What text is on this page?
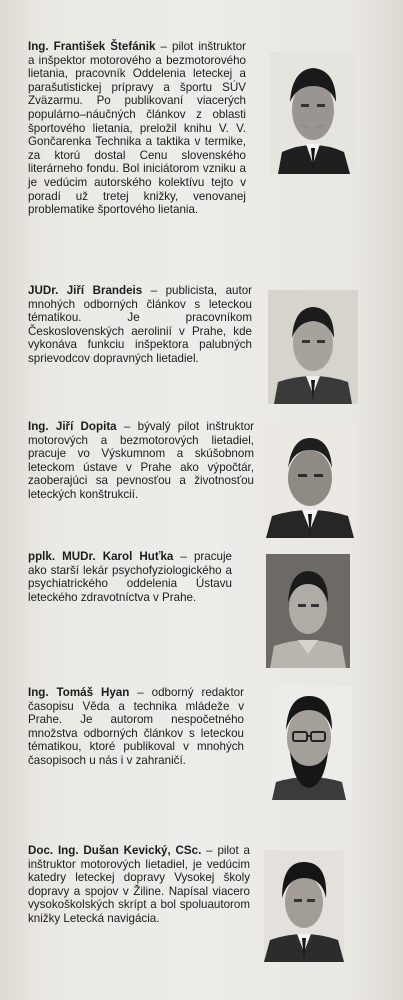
Ing. František Štefánik – pilot inštruktor a inšpektor motorového a bezmotorového lietania, pracovník Oddelenia leteckej a parašutistickej prípravy a športu SÚV Zväzarmu. Po publikovaní viacerých populárno–náučných článkov z oblasti športového lietania, preložil knihu V. V. Gončarenka Technika a taktika v termike, za ktorú dostal Cenu slovenského literárneho fondu. Bol iniciátorom vzniku a je vedúcim autorského kolektívu tejto v poradí už tretej knižky, venovanej problematike športového lietania.

JUDr. Jiří Brandeis – publicista, autor mnohých odborných článkov s leteckou tématikou. Je pracovníkom Československých aerolinií v Prahe, kde vykonáva funkciu inšpektora palubných sprievodcov dopravných lietadiel.

Ing. Jiří Dopita – bývalý pilot inštruktor motorových a bezmotorových lietadiel, pracuje vo Výskumnom a skúšobnom leteckom ústave v Prahe ako výpočtár, zaoberajúci sa pevnosťou a životnosťou leteckých konštrukcií.

pplk. MUDr. Karol Huťka – pracuje ako starší lekár psychofyziologického a psychiatrického oddelenia Ústavu leteckého zdravotníctva v Prahe.

Ing. Tomáš Hyan – odborný redaktor časopisu Věda a technika mládeže v Prahe. Je autorom nespočetného množstva odborných článkov s leteckou tématikou, ktoré publikoval v mnohých časopisoch u nás i v zahraničí.

Doc. Ing. Dušan Kevický, CSc. – pilot a inštruktor motorových lietadiel, je vedúcim katedry leteckej dopravy Vysokej školy dopravy a spojov v Žiline. Napísal viacero vysokoškolských skrípt a bol spoluautorom knižky Letecká navigácia.
